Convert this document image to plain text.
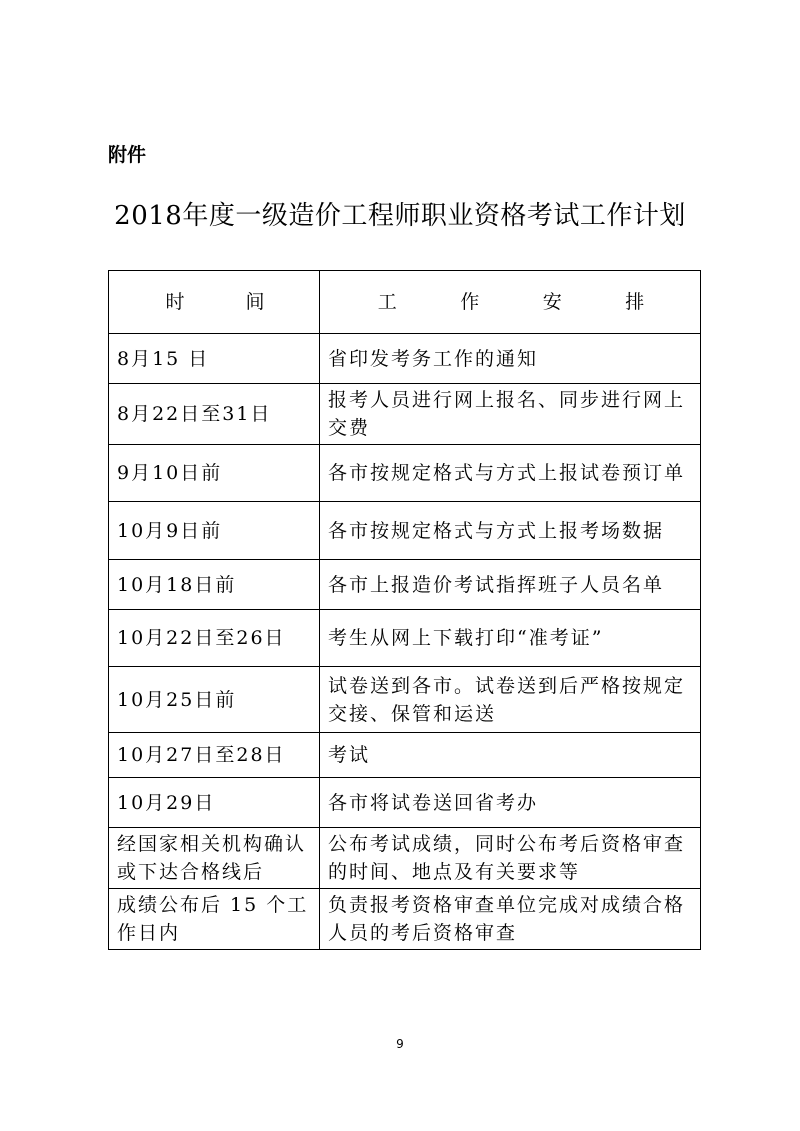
附件
2018年度一级造价工程师职业资格考试工作计划
时 间	工 作 安 排

8月15 日	省印发考务工作的通知
8月22日至31日	报考人员进行网上报名、同步进行网上交费
9月10日前	各市按规定格式与方式上报试卷预订单
10月9日前	各市按规定格式与方式上报考场数据
10月18日前	各市上报造价考试指挥班子人员名单
10月22日至26日	考生从网上下载打印“准考证”
10月25日前	试卷送到各市。试卷送到后严格按规定交接、保管和运送
10月27日至28日	考试
10月29日	各市将试卷送回省考办
经国家相关机构确认或下达合格线后	公布考试成绩，同时公布考后资格审查的时间、地点及有关要求等
成绩公布后 15 个工作日内	负责报考资格审查单位完成对成绩合格人员的考后资格审查
9
